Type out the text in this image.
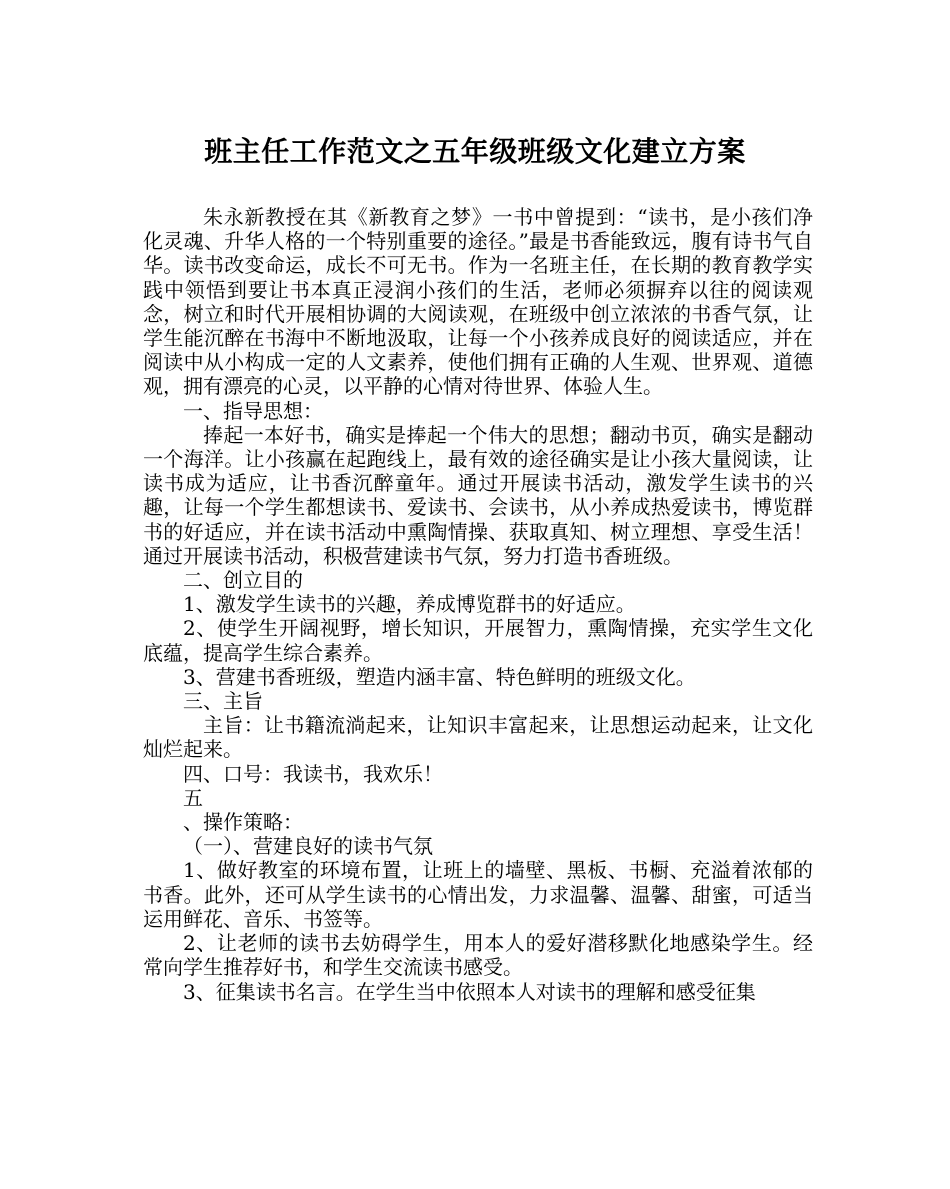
班主任工作范文之五年级班级文化建立方案

朱永新教授在其《新教育之梦》一书中曾提到：“读书，是小孩们净化灵魂、升华人格的一个特别重要的途径。”最是书香能致远，腹有诗书气自华。读书改变命运，成长不可无书。作为一名班主任，在长期的教育教学实践中领悟到要让书本真正浸润小孩们的生活，老师必须摒弃以往的阅读观念，树立和时代开展相协调的大阅读观，在班级中创立浓浓的书香气氛，让学生能沉醉在书海中不断地汲取，让每一个小孩养成良好的阅读适应，并在阅读中从小构成一定的人文素养，使他们拥有正确的人生观、世界观、道德观，拥有漂亮的心灵，以平静的心情对待世界、体验人生。

一、指导思想：

捧起一本好书，确实是捧起一个伟大的思想；翻动书页，确实是翻动一个海洋。让小孩赢在起跑线上，最有效的途径确实是让小孩大量阅读，让读书成为适应，让书香沉醉童年。通过开展读书活动，激发学生读书的兴趣，让每一个学生都想读书、爱读书、会读书，从小养成热爱读书，博览群书的好适应，并在读书活动中熏陶情操、获取真知、树立理想、享受生活！通过开展读书活动，积极营建读书气氛，努力打造书香班级。

二、创立目的

1、激发学生读书的兴趣，养成博览群书的好适应。

2、使学生开阔视野，增长知识，开展智力，熏陶情操，充实学生文化底蕴，提高学生综合素养。

3、营建书香班级，塑造内涵丰富、特色鲜明的班级文化。

三、主旨

主旨：让书籍流淌起来，让知识丰富起来，让思想运动起来，让文化灿烂起来。

四、口号：我读书，我欢乐！

五

、操作策略：

（一）、营建良好的读书气氛

1、做好教室的环境布置，让班上的墙壁、黑板、书橱、充溢着浓郁的书香。此外，还可从学生读书的心情出发，力求温馨、温馨、甜蜜，可适当运用鲜花、音乐、书签等。

2、让老师的读书去妨碍学生，用本人的爱好潜移默化地感染学生。经常向学生推荐好书，和学生交流读书感受。

3、征集读书名言。在学生当中依照本人对读书的理解和感受征集
